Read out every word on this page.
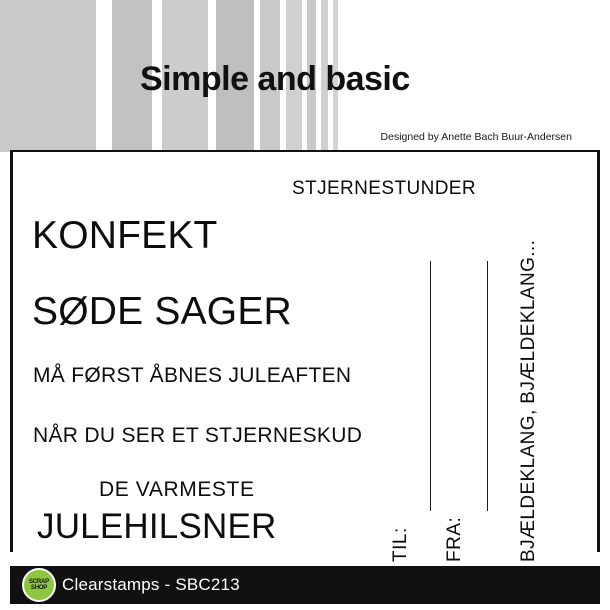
Simple and basic
Designed by Anette Bach Buur-Andersen
STJERNESTUNDER
KONFEKT
SØDE SAGER
MÅ FØRST ÅBNES JULEAFTEN
NÅR DU SER ET STJERNESKUD
DE VARMESTE
JULEHILSNER	TIL: FRA:	BJÆLDEKLANG, BJÆLDEKLANG...
SCRAP SHOP Clearstamps - SBC213
